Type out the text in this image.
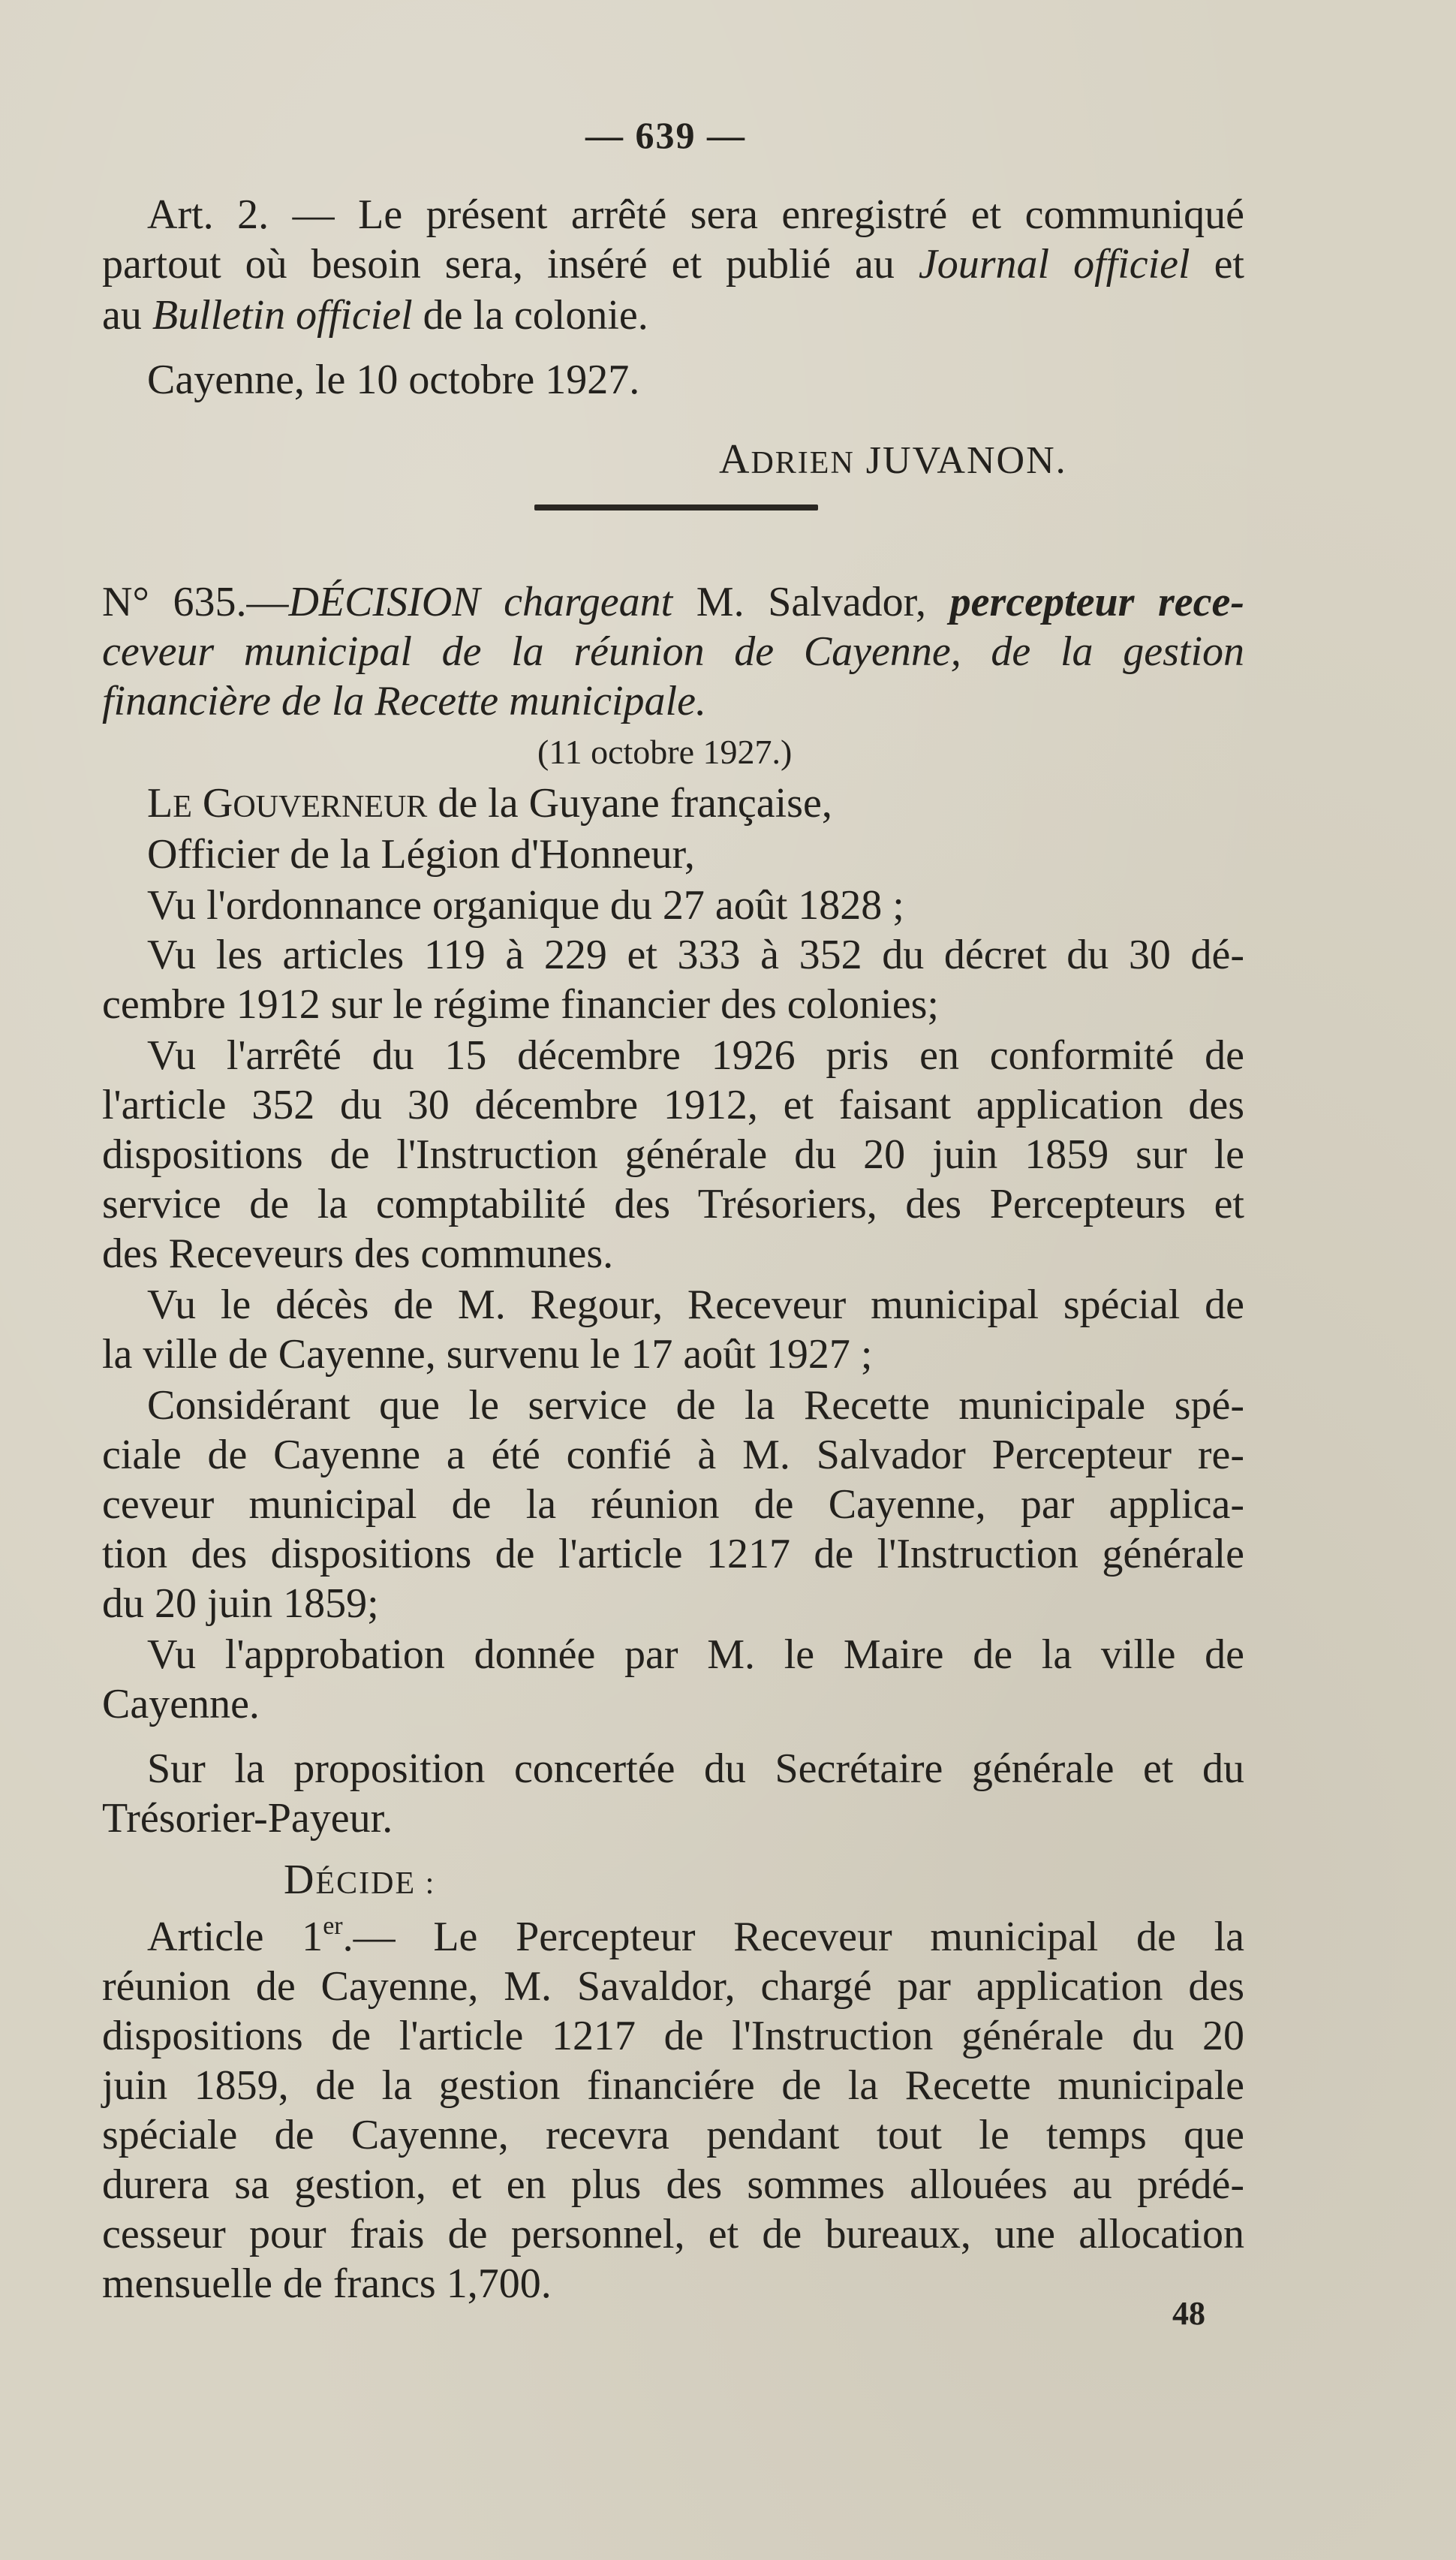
— 639 —
Art. 2. — Le présent arrêté sera enregistré et communiqué
partout où besoin sera, inséré et publié au Journal officiel et
au Bulletin officiel de la colonie.
Cayenne, le 10 octobre 1927.
ADRIEN JUVANON.
N° 635.—DÉCISION chargeant M. Salvador, percepteur rece-
ceveur municipal de la réunion de Cayenne, de la gestion
financière de la Recette municipale.
(11 octobre 1927.)
LE GOUVERNEUR de la Guyane française,
Officier de la Légion d'Honneur,
Vu l'ordonnance organique du 27 août 1828 ;
Vu les articles 119 à 229 et 333 à 352 du décret du 30 dé-
cembre 1912 sur le régime financier des colonies;
Vu l'arrêté du 15 décembre 1926 pris en conformité de
l'article 352 du 30 décembre 1912, et faisant application des
dispositions de l'Instruction générale du 20 juin 1859 sur le
service de la comptabilité des Trésoriers, des Percepteurs et
des Receveurs des communes.
Vu le décès de M. Regour, Receveur municipal spécial de
la ville de Cayenne, survenu le 17 août 1927 ;
Considérant que le service de la Recette municipale spé-
ciale de Cayenne a été confié à M. Salvador Percepteur re-
ceveur municipal de la réunion de Cayenne, par applica-
tion des dispositions de l'article 1217 de l'Instruction générale
du 20 juin 1859;
Vu l'approbation donnée par M. le Maire de la ville de
Cayenne.
Sur la proposition concertée du Secrétaire générale et du
Trésorier-Payeur.
DÉCIDE :
Article 1er.— Le Percepteur Receveur municipal de la
réunion de Cayenne, M. Savaldor, chargé par application des
dispositions de l'article 1217 de l'Instruction générale du 20
juin 1859, de la gestion financiére de la Recette municipale
spéciale de Cayenne, recevra pendant tout le temps que
durera sa gestion, et en plus des sommes allouées au prédé-
cesseur pour frais de personnel, et de bureaux, une allocation
mensuelle de francs 1,700.
48
